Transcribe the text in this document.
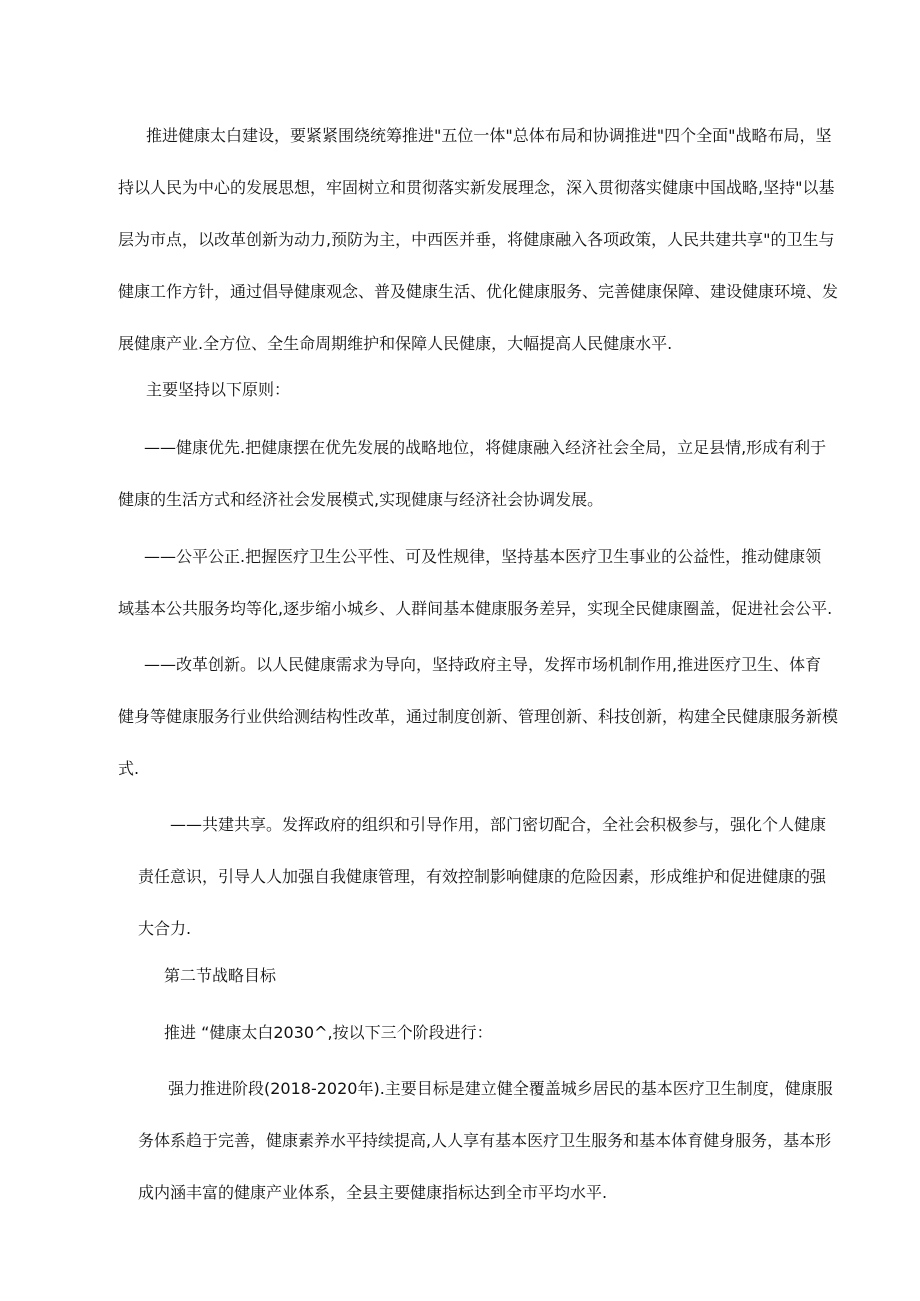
推进健康太白建设，要紧紧围绕统筹推进"五位一体"总体布局和协调推进"四个全面"战略布局，坚
持以人民为中心的发展思想，牢固树立和贯彻落实新发展理念，深入贯彻落实健康中国战略,坚持"以基
层为市点，以改革创新为动力,预防为主，中西医并垂，将健康融入各项政策，人民共建共享"的卫生与
健康工作方针，通过倡导健康观念、普及健康生活、优化健康服务、完善健康保障、建设健康环境、发
展健康产业.全方位、全生命周期维护和保障人民健康，大幅提高人民健康水平.
主要坚持以下原则：
——健康优先.把健康摆在优先发展的战略地位，将健康融入经济社会全局，立足县情,形成有利于
健康的生活方式和经济社会发展模式,实现健康与经济社会协调发展。
——公平公正.把握医疗卫生公平性、可及性规律，坚持基本医疗卫生事业的公益性，推动健康领
域基本公共服务均等化,逐步缩小城乡、人群间基本健康服务差异，实现全民健康圈盖，促进社会公平.
——改革创新。以人民健康需求为导向，坚持政府主导，发挥市场机制作用,推进医疗卫生、体育
健身等健康服务行业供给测结构性改革，通过制度创新、管理创新、科技创新，构建全民健康服务新模
式.
——共建共享。发挥政府的组织和引导作用，部门密切配合，全社会积极参与，强化个人健康
责任意识，引导人人加强自我健康管理，有效控制影响健康的危险因素，形成维护和促进健康的强
大合力.
第二节战略目标
推进 “健康太白2030^,按以下三个阶段进行：
强力推进阶段(2018-2020年).主要目标是建立健全覆盖城乡居民的基本医疗卫生制度，健康服
务体系趋于完善，健康素养水平持续提高,人人享有基本医疗卫生服务和基本体育健身服务，基本形
成内涵丰富的健康产业体系，全县主要健康指标达到全市平均水平.
